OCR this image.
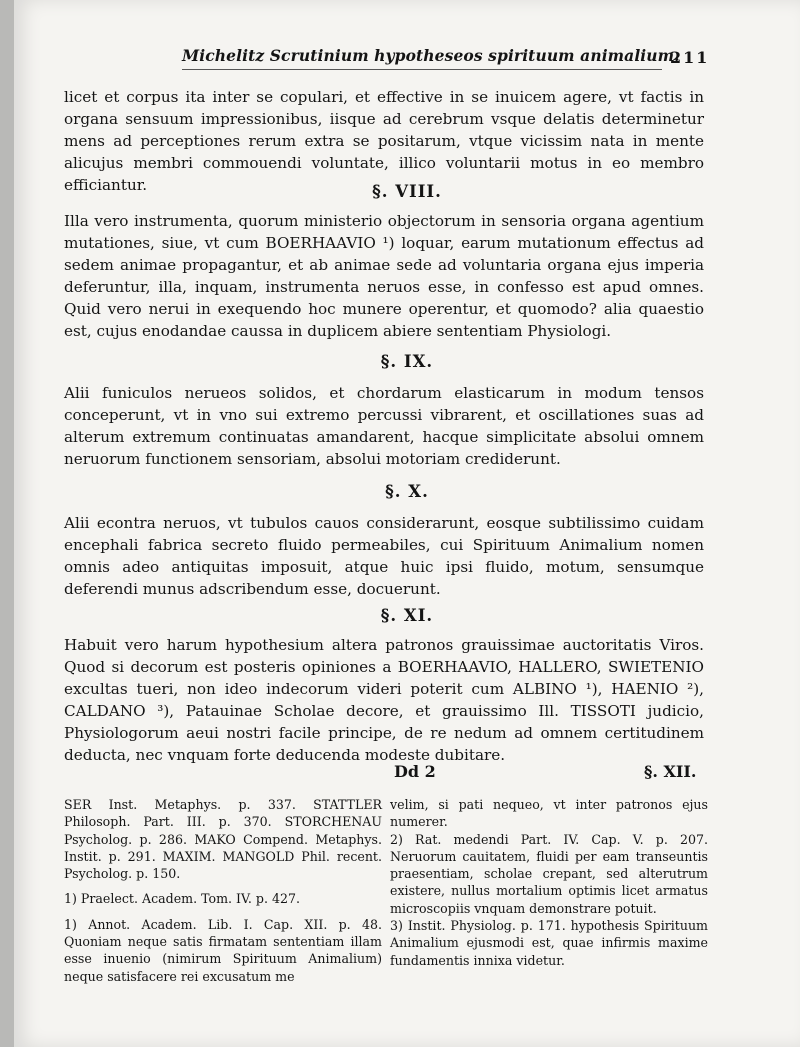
Michelitz Scrutinium hypotheseos spirituum animalium.
211

licet et corpus ita inter se copulari, et effective in se inuicem agere, vt factis in organa sensuum impressionibus, iisque ad cerebrum vsque delatis determinetur mens ad perceptiones rerum extra se positarum, vtque vicissim nata in mente alicujus membri commouendi voluntate, illico voluntarii motus in eo membro efficiantur.	§. VIII.

Illa vero instrumenta, quorum ministerio objectorum in sensoria organa agentium mutationes, siue, vt cum BOERHAAVIO ¹) loquar, earum mutationum effectus ad sedem animae propagantur, et ab animae sede ad voluntaria organa ejus imperia deferuntur, illa, inquam, instrumenta neruos esse, in confesso est apud omnes. Quid vero nerui in exequendo hoc munere operentur, et quomodo? alia quaestio est, cujus enodandae caussa in duplicem abiere sententiam Physiologi.

§. IX.

Alii funiculos nerueos solidos, et chordarum elasticarum in modum tensos conceperunt, vt in vno sui extremo percussi vibrarent, et oscillationes suas ad alterum extremum continuatas amandarent, hacque simplicitate absolui omnem neruorum functionem sensoriam, absolui motoriam crediderunt.

§. X.

Alii econtra neruos, vt tubulos cauos considerarunt, eosque subtilissimo cuidam encephali fabrica secreto fluido permeabiles, cui Spirituum Animalium nomen omnis adeo antiquitas imposuit, atque huic ipsi fluido, motum, sensumque deferendi munus adscribendum esse, docuerunt.

§. XI.

Habuit vero harum hypothesium altera patronos grauissimae auctoritatis Viros. Quod si decorum est posteris opiniones a BOERHAAVIO, HALLERO, SWIETENIO excultas tueri, non ideo indecorum videri poterit cum ALBINO ¹), HAENIO ²), CALDANO ³), Patauinae Scholae decore, et grauissimo Ill. TISSOTI judicio, Physiologorum aeui nostri facile principe, de re nedum ad omnem certitudinem deducta, nec vnquam forte deducenda modeste dubitare.

Dd 2	§. XII.

SER Inst. Metaphys. p. 337. STATTLER Philosoph. Part. III. p. 370. STORCHENAU Psycholog. p. 286. MAKO Compend. Metaphys. Instit. p. 291. MAXIM. MANGOLD Phil. recent. Psycholog. p. 150.

1) Praelect. Academ. Tom. IV. p. 427.

1) Annot. Academ. Lib. I. Cap. XII. p. 48. Quoniam neque satis firmatam sententiam illam esse inuenio (nimirum Spirituum Animalium) neque satisfacere rei excusatum me

velim, si pati nequeo, vt inter patronos ejus numerer.

2) Rat. medendi Part. IV. Cap. V. p. 207. Neruorum cauitatem, fluidi per eam transeuntis praesentiam, scholae crepant, sed alterutrum existere, nullus mortalium optimis licet armatus microscopiis vnquam demonstrare potuit.

3) Instit. Physiolog. p. 171. hypothesis Spirituum Animalium ejusmodi est, quae infirmis maxime fundamentis innixa videtur.
